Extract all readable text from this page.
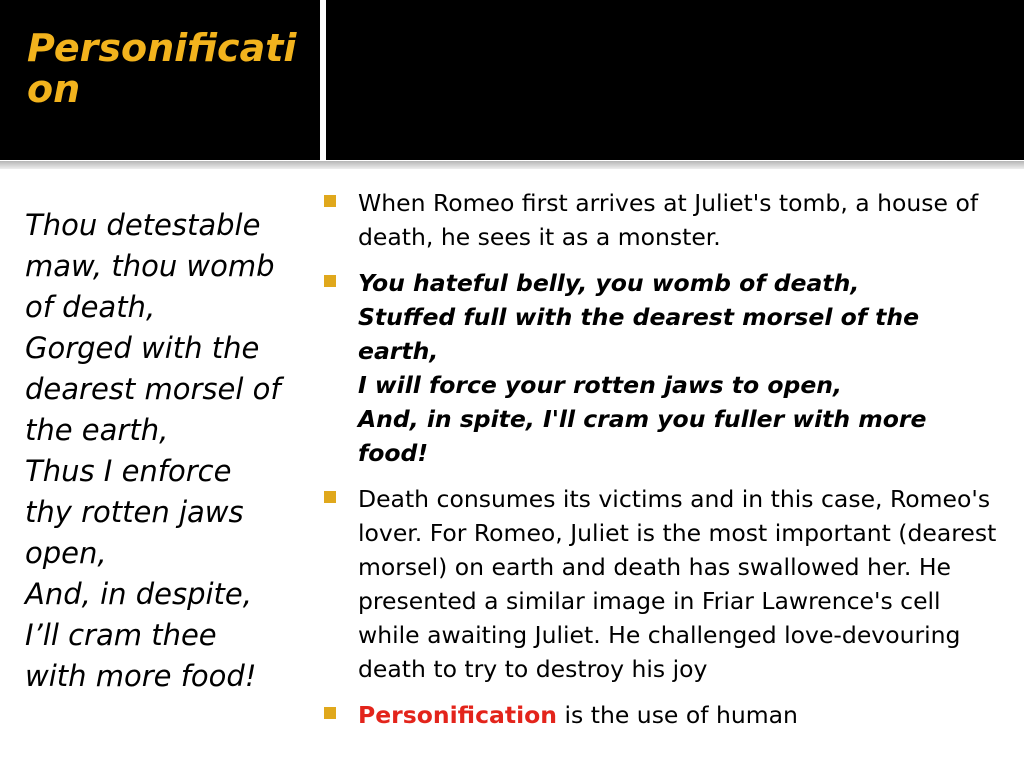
Personification

Thou detestable
maw, thou womb
of death,
Gorged with the
dearest morsel of
the earth,
Thus I enforce
thy rotten jaws
open,
And, in despite,
I’ll cram thee
with more food!

When Romeo first arrives at Juliet's tomb, a house of death, he sees it as a monster.
You hateful belly, you womb of death,
Stuffed full with the dearest morsel of the earth,
I will force your rotten jaws to open,
And, in spite, I'll cram you fuller with more food!
Death consumes its victims and in this case, Romeo's lover. For Romeo, Juliet is the most important (dearest morsel) on earth and death has swallowed her. He presented a similar image in Friar Lawrence's cell while awaiting Juliet. He challenged love-devouring death to try to destroy his joy
Personification is the use of human
